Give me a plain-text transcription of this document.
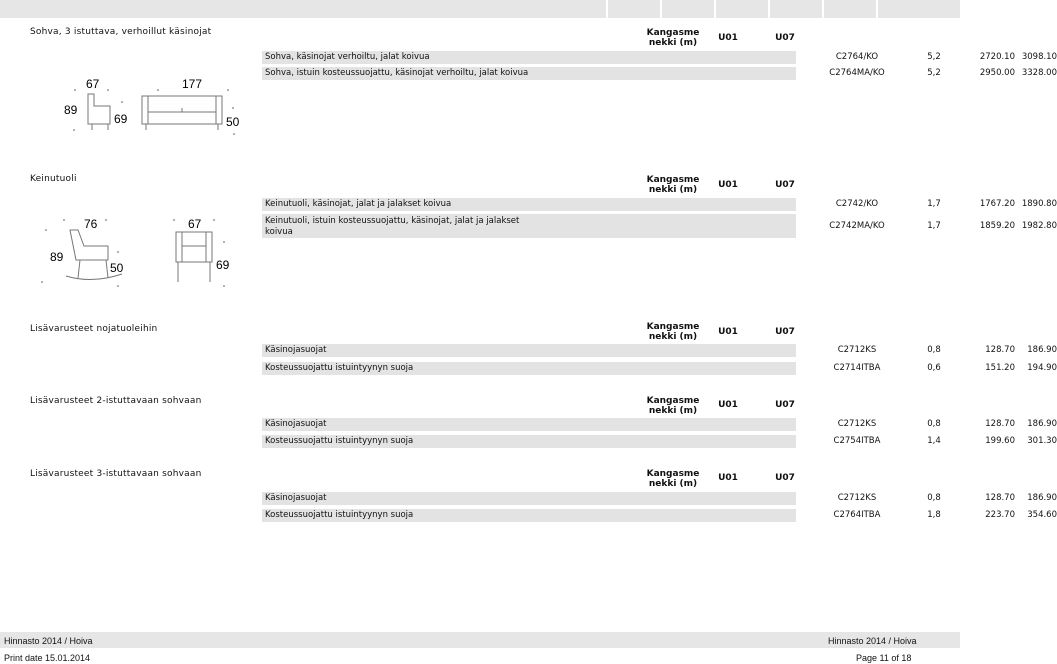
Sohva, 3 istuttava, verhoillut käsinojat	Kangasme nekki (m)	U01	U07
Sohva, käsinojat verhoiltu, jalat koivua	C2764/KO	5,2	2720.10 3098.10
Sohva, istuin kosteussuojattu, käsinojat verhoiltu, jalat koivua	C2764MA/KO	5,2	2950.00 3328.00
67	177
89
69	50
Keinutuoli	Kangasme nekki (m)	U01	U07
Keinutuoli, käsinojat, jalat ja jalakset koivua	C2742/KO	1,7	1767.20 1890.80
Keinutuoli, istuin kosteussuojattu, käsinojat, jalat ja jalakset koivua
C2742MA/KO	1,7	1859.20 1982.80
76	67
89
50	69
Lisävarusteet nojatuoleihin	Kangasme nekki (m)	U01	U07
Käsinojasuojat	C2712KS	0,8	128.70	186.90
Kosteussuojattu istuintyynyn suoja	C2714ITBA	0,6	151.20	194.90
Lisävarusteet 2-istuttavaan sohvaan	Kangasme nekki (m)
U01	U07
Käsinojasuojat	C2712KS	0,8	128.70	186.90
Kosteussuojattu istuintyynyn suoja	C2754ITBA	1,4	199.60	301.30
Lisävarusteet 3-istuttavaan sohvaan	Kangasme nekki (m)
U01	U07
Käsinojasuojat	C2712KS	0,8	128.70	186.90
Kosteussuojattu istuintyynyn suoja	C2764ITBA	1,8	223.70	354.60
Hinnasto 2014 / Hoiva	Hinnasto 2014 / Hoiva
Print date 15.01.2014	Page 11 of 18
